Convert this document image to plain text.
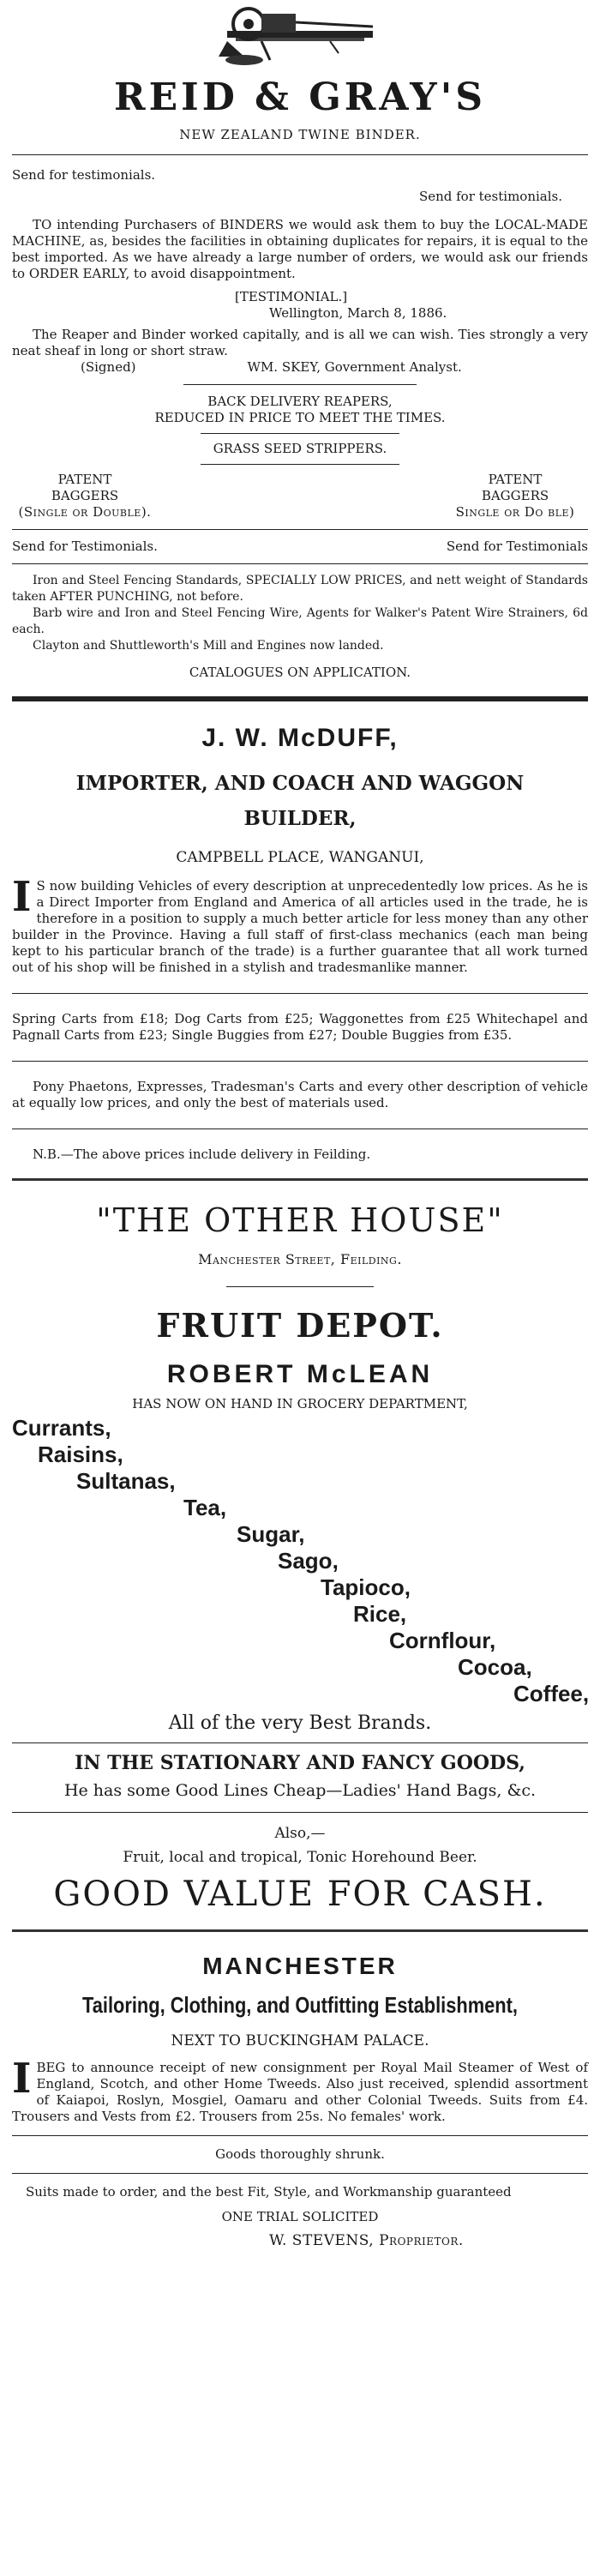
REID & GRAY'S
NEW ZEALAND TWINE BINDER.

Send for testimonials.

Send for testimonials.

TO intending Purchasers of BINDERS we would ask them to buy the LOCAL-MADE MACHINE, as, besides the facilities in obtaining duplicates for repairs, it is equal to the best imported. As we have already a large number of orders, we would ask our friends to ORDER EARLY, to avoid disappointment.

[TESTIMONIAL.]

Wellington, March 8, 1886.

The Reaper and Binder worked capitally, and is all we can wish. Ties strongly a very neat sheaf in long or short straw.

(Signed)	WM. SKEY, Government Analyst.

BACK DELIVERY REAPERS,

REDUCED IN PRICE TO MEET THE TIMES.

GRASS SEED STRIPPERS.

PATENT
BAGGERS
(Single or Double).
PATENT
BAGGERS
Single or Do ble)
Send for Testimonials.	Send for Testimonials

Iron and Steel Fencing Standards, SPECIALLY LOW PRICES, and nett weight of Standards taken AFTER PUNCHING, not before.

Barb wire and Iron and Steel Fencing Wire, Agents for Walker's Patent Wire Strainers, 6d each.

Clayton and Shuttleworth's Mill and Engines now landed.

CATALOGUES ON APPLICATION.

J. W. McDUFF,
IMPORTER, AND COACH AND WAGGON
BUILDER,
CAMPBELL PLACE, WANGANUI,

I S now building Vehicles of every description at unprecedentedly low prices. As he is a Direct Importer from England and America of all articles used in the trade, he is therefore in a position to supply a much better article for less money than any other builder in the Province. Having a full staff of first-class mechanics (each man being kept to his particular branch of the trade) is a further guarantee that all work turned out of his shop will be finished in a stylish and tradesmanlike manner.

Spring Carts from £18; Dog Carts from £25; Waggonettes from £25 Whitechapel and Pagnall Carts from £23; Single Buggies from £27; Double Buggies from £35.

Pony Phaetons, Expresses, Tradesman's Carts and every other description of vehicle at equally low prices, and only the best of materials used.

N.B.—The above prices include delivery in Feilding.

"THE OTHER HOUSE"
Manchester Street, Feilding.
FRUIT DEPOT.
ROBERT McLEAN
HAS NOW ON HAND IN GROCERY DEPARTMENT,
Currants,
Raisins,
Sultanas,
Tea,
Sugar,
Sago,
Tapioco,
Rice,
Cornflour,
Cocoa,
Coffee,
All of the very Best Brands.
IN THE STATIONARY AND FANCY GOODS,
He has some Good Lines Cheap—Ladies' Hand Bags, &c.
Also,—
Fruit, local and tropical, Tonic Horehound Beer.
GOOD VALUE FOR CASH.
MANCHESTER
Tailoring, Clothing, and Outfitting Establishment,
NEXT TO BUCKINGHAM PALACE.

I BEG to announce receipt of new consignment per Royal Mail Steamer of West of England, Scotch, and other Home Tweeds. Also just received, splendid assortment of Kaiapoi, Roslyn, Mosgiel, Oamaru and other Colonial Tweeds. Suits from £4. Trousers and Vests from £2. Trousers from 25s. No females' work.

Goods thoroughly shrunk.

Suits made to order, and the best Fit, Style, and Workmanship guaranteed

ONE TRIAL SOLICITED

W. STEVENS, Proprietor.
